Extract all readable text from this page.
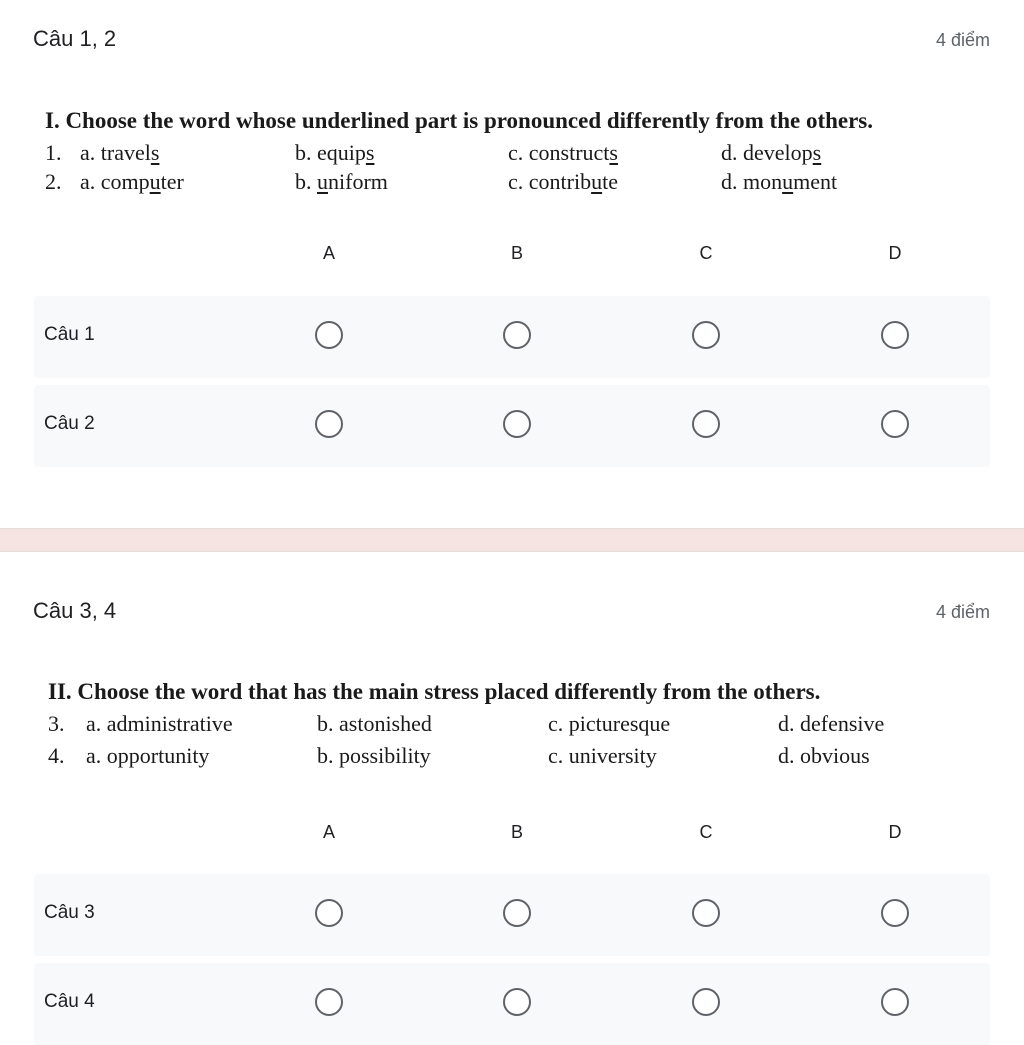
Câu 1, 2	4 điểm
I. Choose the word whose underlined part is pronounced differently from the others.
1. a. travels	b. equips	c. constructs	d. develops
2. a. computer	b. uniform	c. contribute	d. monument
A	B	C	D
Câu 1
Câu 2
Câu 3, 4	4 điểm
II. Choose the word that has the main stress placed differently from the others.
3. a. administrative	b. astonished	c. picturesque	d. defensive
4. a. opportunity	b. possibility	c. university	d. obvious
A	B	C	D
Câu 3
Câu 4
